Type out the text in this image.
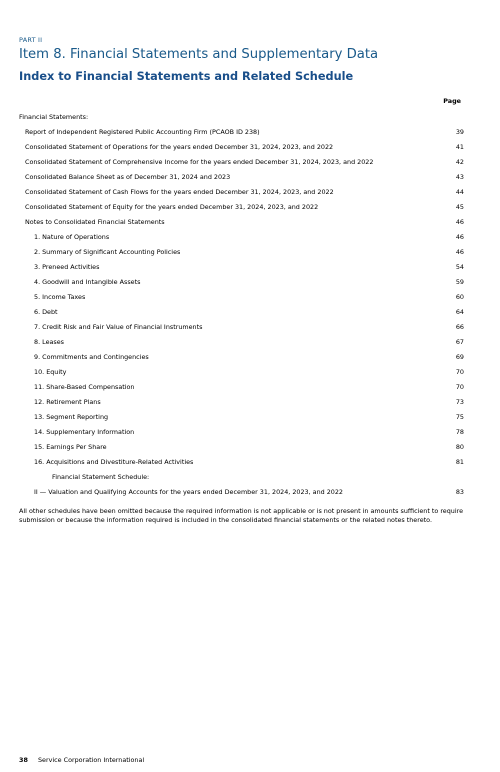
PART II
Item 8. Financial Statements and Supplementary Data
Index to Financial Statements and Related Schedule
Page
Financial Statements:
Report of Independent Registered Public Accounting Firm (PCAOB ID 238)	39
Consolidated Statement of Operations for the years ended December 31, 2024, 2023, and 2022	41
Consolidated Statement of Comprehensive Income for the years ended December 31, 2024, 2023, and 2022	42
Consolidated Balance Sheet as of December 31, 2024 and 2023	43
Consolidated Statement of Cash Flows for the years ended December 31, 2024, 2023, and 2022	44
Consolidated Statement of Equity for the years ended December 31, 2024, 2023, and 2022	45
Notes to Consolidated Financial Statements	46
1. Nature of Operations	46
2. Summary of Significant Accounting Policies	46
3. Preneed Activities	54
4. Goodwill and Intangible Assets	59
5. Income Taxes	60
6. Debt	64
7. Credit Risk and Fair Value of Financial Instruments	66
8. Leases	67
9. Commitments and Contingencies	69
10. Equity	70
11. Share-Based Compensation	70
12. Retirement Plans	73
13. Segment Reporting	75
14. Supplementary Information	78
15. Earnings Per Share	80
16. Acquisitions and Divestiture-Related Activities	81
Financial Statement Schedule:
II — Valuation and Qualifying Accounts for the years ended December 31, 2024, 2023, and 2022	83
All other schedules have been omitted because the required information is not applicable or is not present in amounts sufficient to require submission or because the information required is included in the consolidated financial statements or the related notes thereto.
38 Service Corporation International
